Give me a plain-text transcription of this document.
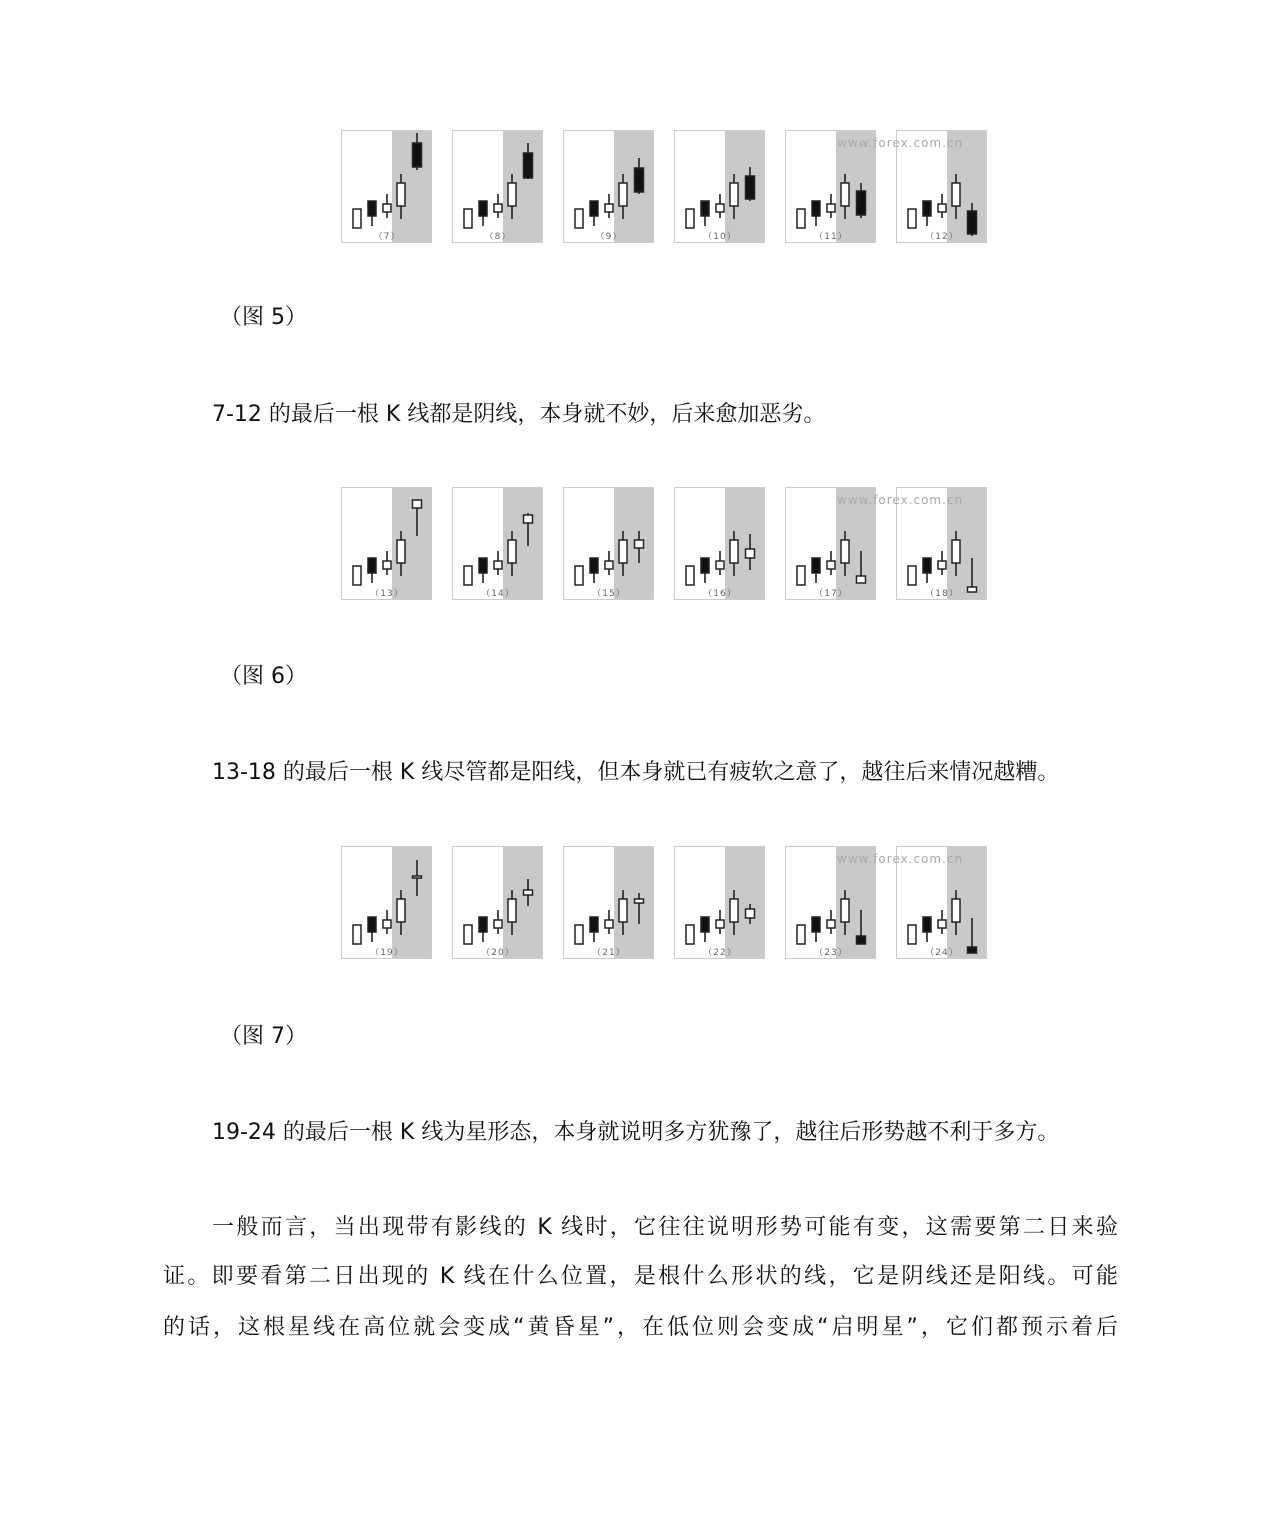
（7）	（8）	（9）	（10）	（11）	（12）
www.forex.com.cn
（图 5）
7-12 的最后一根 K 线都是阴线，本身就不妙，后来愈加恶劣。
（13）	（14）	（15）	（16）	（17）	（18）
www.forex.com.cn
（图 6）
13-18 的最后一根 K 线尽管都是阳线，但本身就已有疲软之意了，越往后来情况越糟。
（19）	（20）	（21）	（22）	（23）	（24）
www.forex.com.cn
（图 7）
19-24 的最后一根 K 线为星形态，本身就说明多方犹豫了，越往后形势越不利于多方。
一般而言，当出现带有影线的 K 线时，它往往说明形势可能有变，这需要第二日来验
证。即要看第二日出现的 K 线在什么位置，是根什么形状的线，它是阴线还是阳线。可能
的话，这根星线在高位就会变成“黄昏星”，在低位则会变成“启明星”，它们都预示着后
